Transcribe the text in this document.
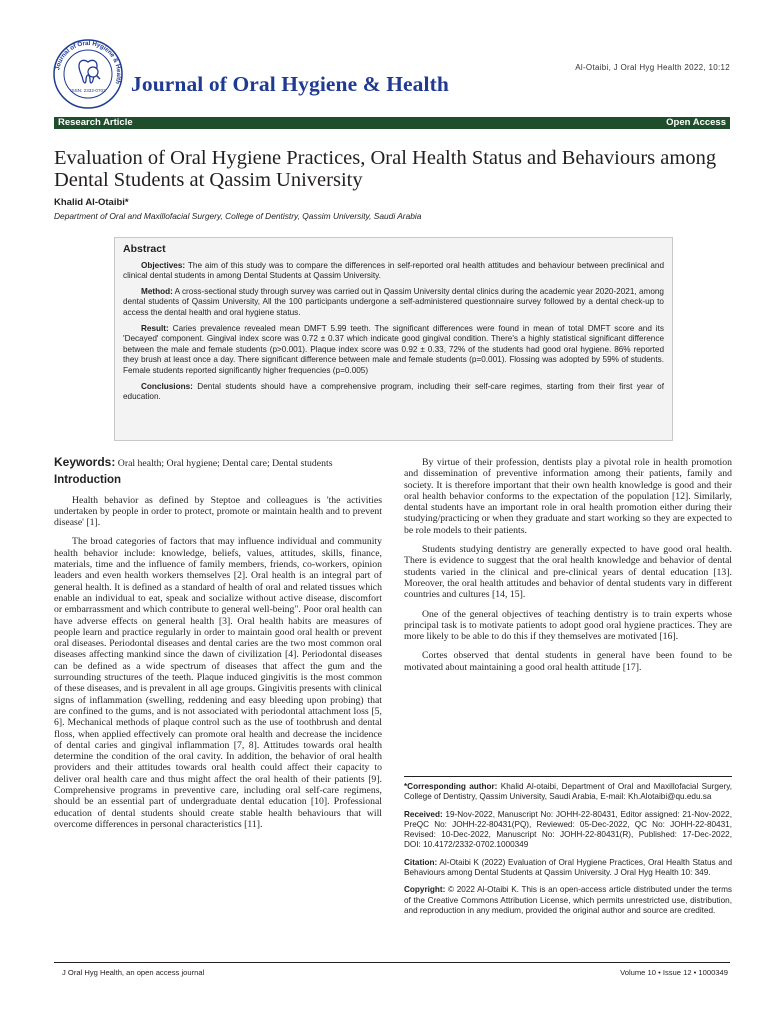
Journal of Oral Hygiene & Health
ISSN: 2332-0702 Journal of Oral Hygiene & Health
Al-Otaibi, J Oral Hyg Health 2022, 10:12
Research Article	Open Access
Evaluation of Oral Hygiene Practices, Oral Health Status and Behaviours among Dental Students at Qassim University
Khalid Al-Otaibi*
Department of Oral and Maxillofacial Surgery, College of Dentistry, Qassim University, Saudi Arabia
Abstract

Objectives: The aim of this study was to compare the differences in self-reported oral health attitudes and behaviour between preclinical and clinical dental students in among Dental Students at Qassim University.

Method: A cross-sectional study through survey was carried out in Qassim University dental clinics during the academic year 2020-2021, among dental students of Qassim University, All the 100 participants undergone a self-administered questionnaire survey followed by a dental check-up to access the dental health and oral hygiene status.

Result: Caries prevalence revealed mean DMFT 5.99 teeth. The significant differences were found in mean of total DMFT score and its 'Decayed' component. Gingival index score was 0.72 ± 0.37 which indicate good gingival condition. There's a highly statistical significant difference between the male and female students (p>0.001). Plaque index score was 0.92 ± 0.33, 72% of the students had good oral hygiene. 86% reported they brush at least once a day. There significant difference between male and female students (p=0.001). Flossing was adopted by 59% of students. Female students reported significantly higher frequencies (p=0.005)

Conclusions: Dental students should have a comprehensive program, including their self-care regimes, starting from their first year of education.

Keywords: Oral health; Oral hygiene; Dental care; Dental students

Introduction

Health behavior as defined by Steptoe and colleagues is 'the activities undertaken by people in order to protect, promote or maintain health and to prevent disease' [1].

The broad categories of factors that may influence individual and community health behavior include: knowledge, beliefs, values, attitudes, skills, finance, materials, time and the influence of family members, friends, co-workers, opinion leaders and even health workers themselves [2]. Oral health is an integral part of general health. It is defined as a standard of health of oral and related tissues which enable an individual to eat, speak and socialize without active disease, discomfort or embarrassment and which contribute to general well-being". Poor oral health can have adverse effects on general health [3]. Oral health habits are measures of people learn and practice regularly in order to maintain good oral health or prevent oral diseases. Periodontal diseases and dental caries are the two most common oral diseases affecting mankind since the dawn of civilization [4]. Periodontal diseases can be defined as a wide spectrum of diseases that affect the gum and the surrounding structures of the teeth. Plaque induced gingivitis is the most common of these diseases, and is prevalent in all age groups. Gingivitis presents with clinical signs of inflammation (swelling, reddening and easy bleeding upon probing) that are confined to the gums, and is not associated with periodontal attachment loss [5, 6]. Mechanical methods of plaque control such as the use of toothbrush and dental floss, when applied effectively can promote oral health and decrease the incidence of dental caries and gingival inflammation [7, 8]. Attitudes towards oral health determine the condition of the oral cavity. In addition, the behavior of oral health providers and their attitudes towards oral health could affect their capacity to deliver oral health care and thus might affect the oral health of their patients [9]. Comprehensive programs in preventive care, including oral self-care regimens, should be an essential part of undergraduate dental education [10]. Professional education of dental students should create stable health behaviours that will overcome differences in personal characteristics [11].

By virtue of their profession, dentists play a pivotal role in health promotion and dissemination of preventive information among their patients, family and society. It is therefore important that their own health knowledge is good and their oral health behavior conforms to the expectation of the population [12]. Similarly, dental students have an important role in oral health promotion either during their studying/practicing or when they graduate and start working so they are expected to be role models to their patients.

Students studying dentistry are generally expected to have good oral health. There is evidence to suggest that the oral health knowledge and behavior of dental students varied in the clinical and pre-clinical years of dental education [13]. Moreover, the oral health attitudes and behavior of dental students vary in different countries and cultures [14, 15].

One of the general objectives of teaching dentistry is to train experts whose principal task is to motivate patients to adopt good oral hygiene practices. They are more likely to be able to do this if they themselves are motivated [16].

Cortes observed that dental students in general have been found to be motivated about maintaining a good oral health attitude [17].

*Corresponding author: Khalid Al-otaibi, Department of Oral and Maxillofacial Surgery, College of Dentistry, Qassim University, Saudi Arabia, E-mail: Kh.Alotaibi@qu.edu.sa

Received: 19-Nov-2022, Manuscript No: JOHH-22-80431, Editor assigned: 21-Nov-2022, PreQC No: JOHH-22-80431(PQ), Reviewed: 05-Dec-2022, QC No: JOHH-22-80431, Revised: 10-Dec-2022, Manuscript No: JOHH-22-80431(R), Published: 17-Dec-2022, DOI: 10.4172/2332-0702.1000349

Citation: Al-Otaibi K (2022) Evaluation of Oral Hygiene Practices, Oral Health Status and Behaviours among Dental Students at Qassim University. J Oral Hyg Health 10: 349.

Copyright: © 2022 Al-Otaibi K. This is an open-access article distributed under the terms of the Creative Commons Attribution License, which permits unrestricted use, distribution, and reproduction in any medium, provided the original author and source are credited.

J Oral Hyg Health, an open access journal	Volume 10 • Issue 12 • 1000349
